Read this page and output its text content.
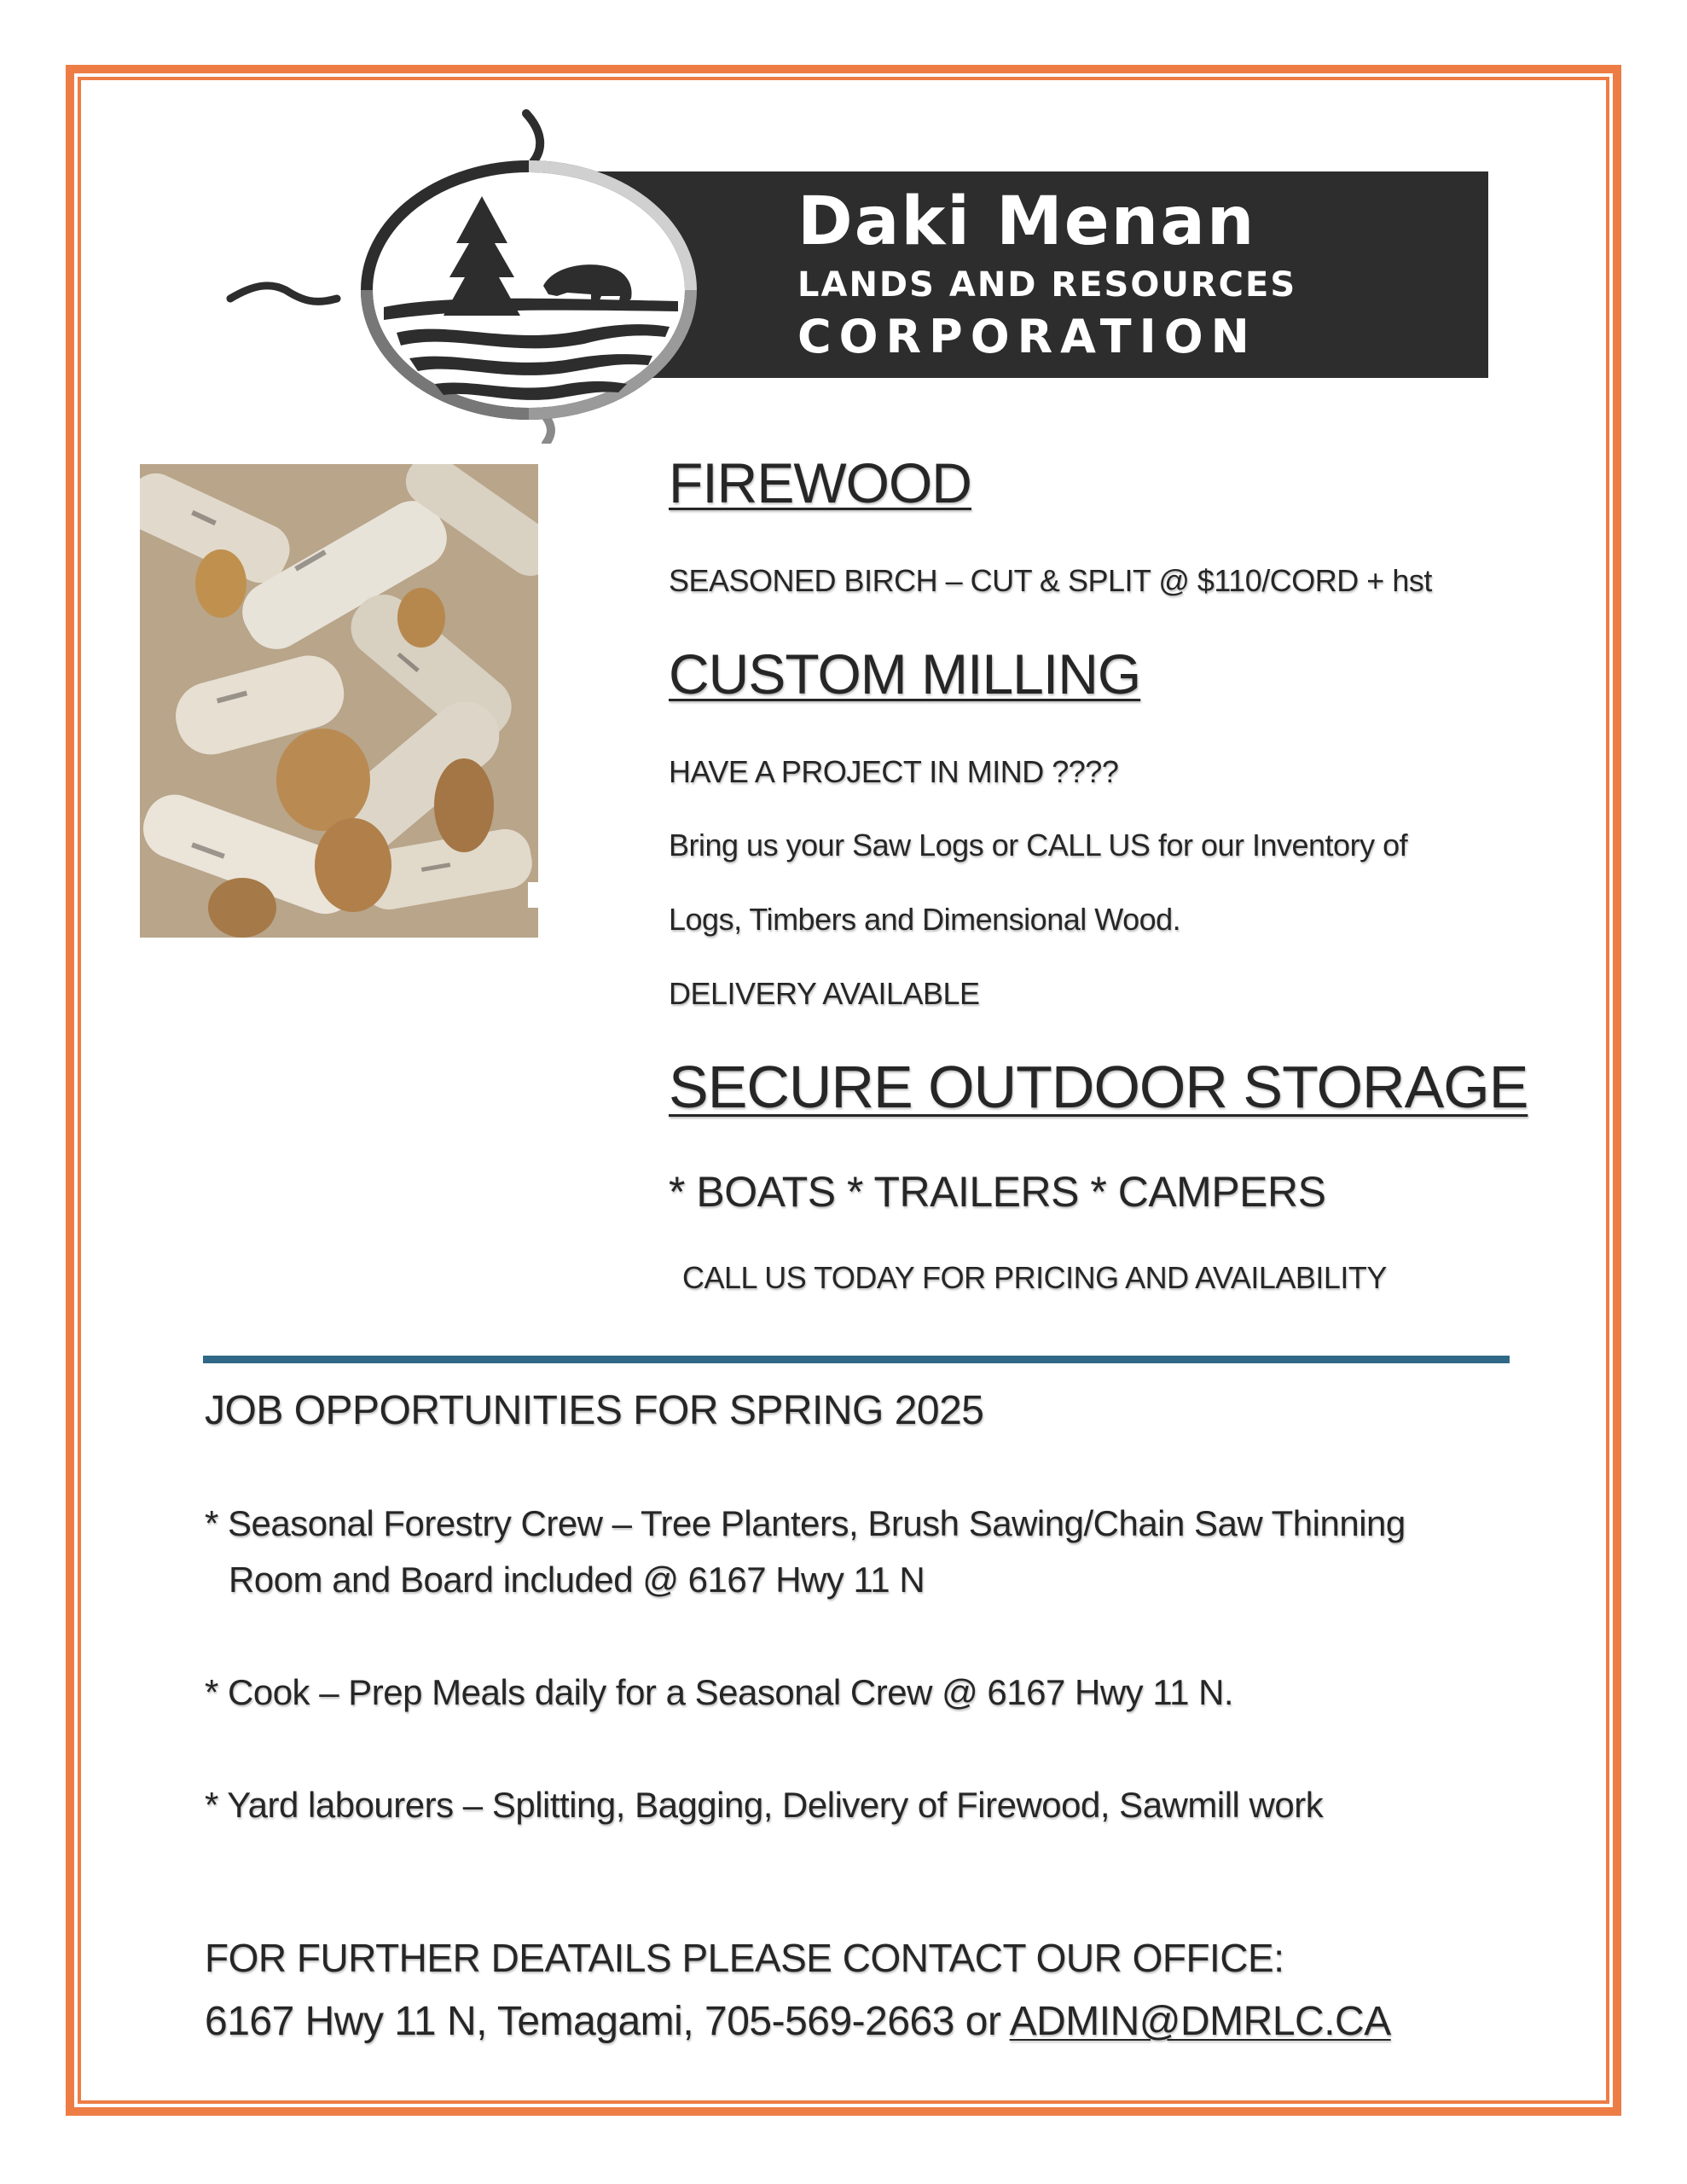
Daki Menan
LANDS AND RESOURCES
CORPORATION
FIREWOOD
SEASONED BIRCH – CUT & SPLIT @ $110/CORD + hst
CUSTOM MILLING
HAVE A PROJECT IN MIND ????
Bring us your Saw Logs or CALL US for our Inventory of
Logs, Timbers and Dimensional Wood.
DELIVERY AVAILABLE
SECURE OUTDOOR STORAGE
* BOATS * TRAILERS * CAMPERS
CALL US TODAY FOR PRICING AND AVAILABILITY
JOB OPPORTUNITIES FOR SPRING 2025
* Seasonal Forestry Crew – Tree Planters, Brush Sawing/Chain Saw Thinning
Room and Board included @ 6167 Hwy 11 N
* Cook – Prep Meals daily for a Seasonal Crew @ 6167 Hwy 11 N.
* Yard labourers – Splitting, Bagging, Delivery of Firewood, Sawmill work
FOR FURTHER DEATAILS PLEASE CONTACT OUR OFFICE:
6167 Hwy 11 N, Temagami, 705-569-2663 or ADMIN@DMRLC.CA
